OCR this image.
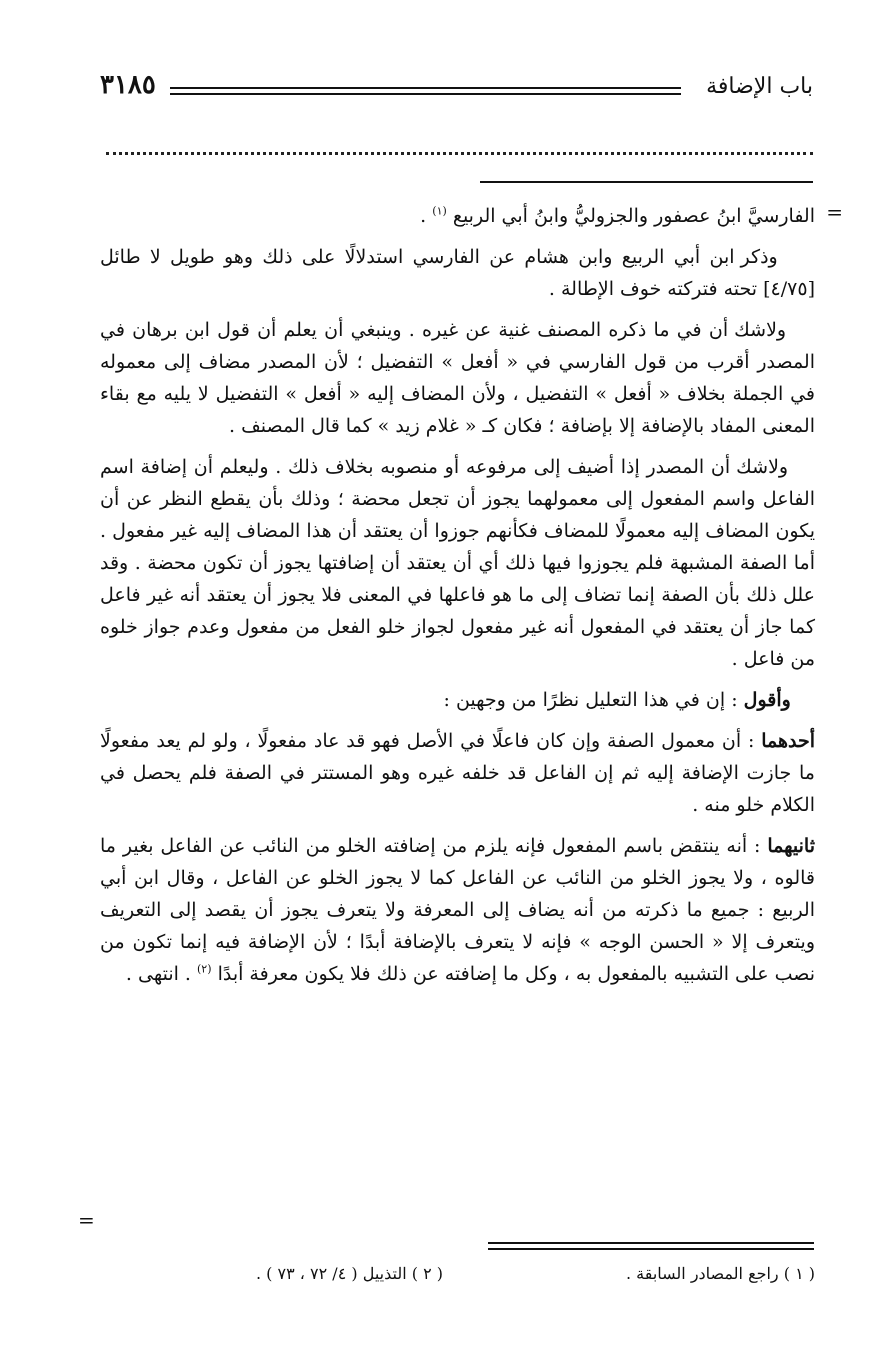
باب الإضافة
٣١٨٥
=

الفارسيَّ ابنُ عصفور والجزوليُّ وابنُ أبي الربيع $^{(١)}$ .

وذكر ابن أبي الربيع وابن هشام عن الفارسي استدلالًا على ذلك وهو طويل لا طائل [٤/٧٥] تحته فتركته خوف الإطالة .

ولاشك أن في ما ذكره المصنف غنية عن غيره . وينبغي أن يعلم أن قول ابن برهان في المصدر أقرب من قول الفارسي في « أفعل » التفضيل ؛ لأن المصدر مضاف إلى معموله في الجملة بخلاف « أفعل » التفضيل ، ولأن المضاف إليه « أفعل » التفضيل لا يليه مع بقاء المعنى المفاد بالإضافة إلا بإضافة ؛ فكان كـ « غلام زيد » كما قال المصنف .

ولاشك أن المصدر إذا أضيف إلى مرفوعه أو منصوبه بخلاف ذلك . وليعلم أن إضافة اسم الفاعل واسم المفعول إلى معمولهما يجوز أن تجعل محضة ؛ وذلك بأن يقطع النظر عن أن يكون المضاف إليه معمولًا للمضاف فكأنهم جوزوا أن يعتقد أن هذا المضاف إليه غير مفعول . أما الصفة المشبهة فلم يجوزوا فيها ذلك أي أن يعتقد أن إضافتها يجوز أن تكون محضة . وقد علل ذلك بأن الصفة إنما تضاف إلى ما هو فاعلها في المعنى فلا يجوز أن يعتقد أنه غير فاعل كما جاز أن يعتقد في المفعول أنه غير مفعول لجواز خلو الفعل من مفعول وعدم جواز خلوه من فاعل .

وأقول : إن في هذا التعليل نظرًا من وجهين :

أحدهما : أن معمول الصفة وإن كان فاعلًا في الأصل فهو قد عاد مفعولًا ، ولو لم يعد مفعولًا ما جازت الإضافة إليه ثم إن الفاعل قد خلفه غيره وهو المستتر في الصفة فلم يحصل في الكلام خلو منه .

ثانيهما : أنه ينتقض باسم المفعول فإنه يلزم من إضافته الخلو من النائب عن الفاعل بغير ما قالوه ، ولا يجوز الخلو من النائب عن الفاعل كما لا يجوز الخلو عن الفاعل ، وقال ابن أبي الربيع : جميع ما ذكرته من أنه يضاف إلى المعرفة ولا يتعرف يجوز أن يقصد إلى التعريف ويتعرف إلا « الحسن الوجه » فإنه لا يتعرف بالإضافة أبدًا ؛ لأن الإضافة فيه إنما تكون من نصب على التشبيه بالمفعول به ، وكل ما إضافته عن ذلك فلا يكون معرفة أبدًا $^{(٢)}$ . انتهى .

=
( ١ ) راجع المصادر السابقة .
( ٢ ) التذييل ( ٤/ ٧٢ ، ٧٣ ) .
